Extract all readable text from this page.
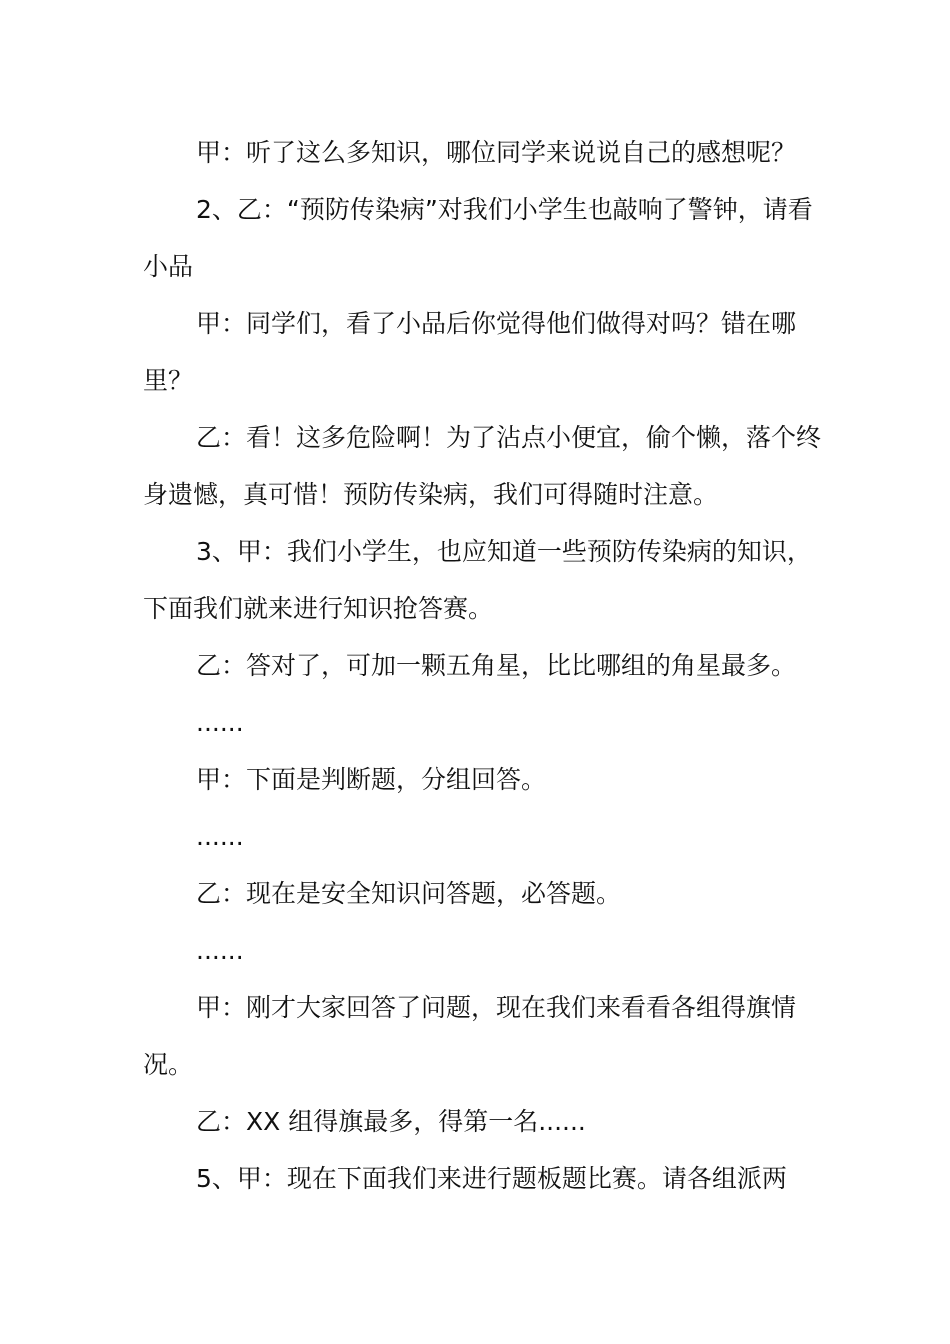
甲：听了这么多知识，哪位同学来说说自己的感想呢？

2、乙：“预防传染病”对我们小学生也敲响了警钟，请看小品

甲：同学们，看了小品后你觉得他们做得对吗？错在哪里？

乙：看！这多危险啊！为了沾点小便宜，偷个懒，落个终身遗憾，真可惜！预防传染病，我们可得随时注意。

3、甲：我们小学生，也应知道一些预防传染病的知识，下面我们就来进行知识抢答赛。

乙：答对了，可加一颗五角星，比比哪组的角星最多。

......

甲：下面是判断题，分组回答。

......

乙：现在是安全知识问答题，必答题。

......

甲：刚才大家回答了问题，现在我们来看看各组得旗情况。

乙：XX 组得旗最多，得第一名......

5、甲：现在下面我们来进行题板题比赛。请各组派两
